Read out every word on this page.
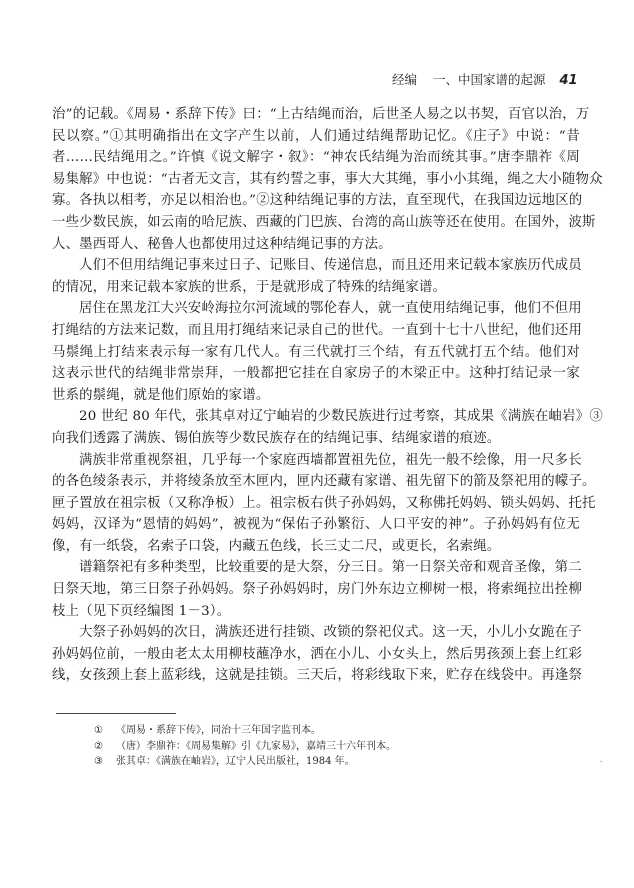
经编 一、中国家谱的起源 41
治”的记载。《周易・系辞下传》曰：“上古结绳而治，后世圣人易之以书契，百官以治，万
民以察。”①其明确指出在文字产生以前，人们通过结绳帮助记忆。《庄子》中说：“昔
者……民结绳用之。”许慎《说文解字・叙》：“神农氏结绳为治而统其事。”唐李鼎祚《周
易集解》中也说：“古者无文言，其有约誓之事，事大大其绳，事小小其绳，绳之大小随物众
寡。各执以相考，亦足以相治也。”②这种结绳记事的方法，直至现代，在我国边远地区的
一些少数民族，如云南的哈尼族、西藏的门巴族、台湾的高山族等还在使用。在国外，波斯
人、墨西哥人、秘鲁人也都使用过这种结绳记事的方法。
人们不但用结绳记事来过日子、记账目、传递信息，而且还用来记载本家族历代成员
的情况，用来记载本家族的世系，于是就形成了特殊的结绳家谱。
居住在黑龙江大兴安岭海拉尔河流域的鄂伦春人，就一直使用结绳记事，他们不但用
打绳结的方法来记数，而且用打绳结来记录自己的世代。一直到十七十八世纪，他们还用
马鬃绳上打结来表示每一家有几代人。有三代就打三个结，有五代就打五个结。他们对
这表示世代的结绳非常崇拜，一般都把它挂在自家房子的木梁正中。这种打结记录一家
世系的鬃绳，就是他们原始的家谱。
20 世纪 80 年代，张其卓对辽宁岫岩的少数民族进行过考察，其成果《满族在岫岩》③
向我们透露了满族、锡伯族等少数民族存在的结绳记事、结绳家谱的痕迹。
满族非常重视祭祖，几乎每一个家庭西墙都置祖先位，祖先一般不绘像，用一尺多长
的各色绫条表示，并将绫条放至木匣内，匣内还藏有家谱、祖先留下的箭及祭祀用的幪子。
匣子置放在祖宗板（又称净板）上。祖宗板右供子孙妈妈，又称佛托妈妈、锁头妈妈、托托
妈妈，汉译为“恩情的妈妈”，被视为“保佑子孙繁衍、人口平安的神”。子孙妈妈有位无
像，有一纸袋，名索子口袋，内藏五色线，长三丈二尺，或更长，名索绳。
谱籍祭祀有多种类型，比较重要的是大祭，分三日。第一日祭关帝和观音圣像，第二
日祭天地，第三日祭子孙妈妈。祭子孙妈妈时，房门外东边立柳树一根，将索绳拉出拴柳
枝上（见下页经编图 1－3）。
大祭子孙妈妈的次日，满族还进行挂锁、改锁的祭祀仪式。这一天，小儿小女跪在子
孙妈妈位前，一般由老太太用柳枝蘸净水，洒在小儿、小女头上，然后男孩颈上套上红彩
线，女孩颈上套上蓝彩线，这就是挂锁。三天后，将彩线取下来，贮存在线袋中。再逢祭
① 《周易・系辞下传》，同治十三年国字监刊本。
② （唐）李鼎祚：《周易集解》引《九家易》，嘉靖三十六年刊本。
③ 张其卓：《满族在岫岩》，辽宁人民出版社，1984 年。
